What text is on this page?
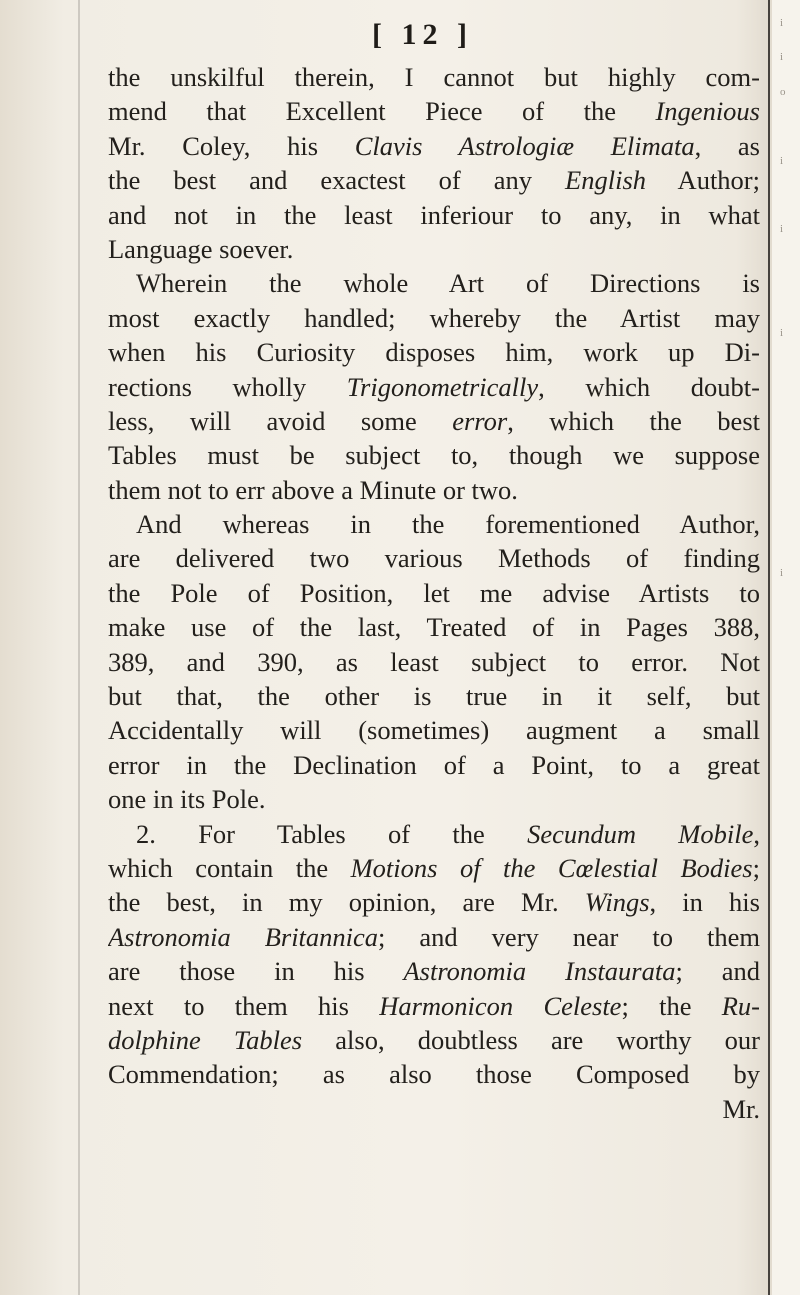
i
i
o
i
i
i
i
[ 12 ]
the unskilful therein, I cannot but highly com-
mend that Excellent Piece of the Ingenious
Mr. Coley, his Clavis Astrologiæ Elimata, as
the best and exactest of any English Author;
and not in the least inferiour to any, in what
Language soever.
Wherein the whole Art of Directions is
most exactly handled; whereby the Artist may
when his Curiosity disposes him, work up Di-
rections wholly Trigonometrically, which doubt-
less, will avoid some error, which the best
Tables must be subject to, though we suppose
them not to err above a Minute or two.
And whereas in the forementioned Author,
are delivered two various Methods of finding
the Pole of Position, let me advise Artists to
make use of the last, Treated of in Pages 388,
389, and 390, as least subject to error. Not
but that, the other is true in it self, but
Accidentally will (sometimes) augment a small
error in the Declination of a Point, to a great
one in its Pole.
2. For Tables of the Secundum Mobile,
which contain the Motions of the Cœlestial Bodies;
the best, in my opinion, are Mr. Wings, in his
Astronomia Britannica; and very near to them
are those in his Astronomia Instaurata; and
next to them his Harmonicon Celeste; the Ru-
dolphine Tables also, doubtless are worthy our
Commendation; as also those Composed by
Mr.
